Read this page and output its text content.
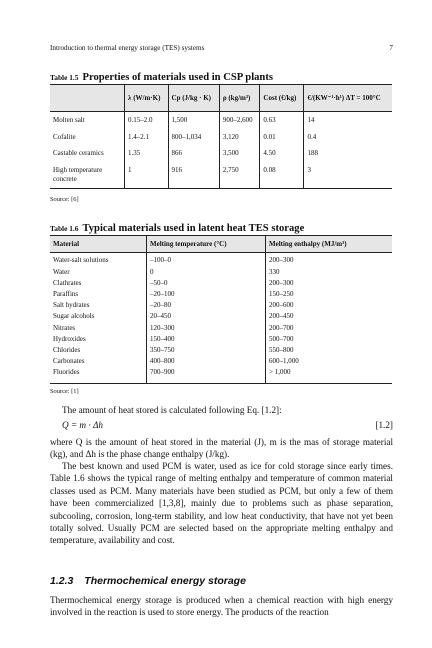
Introduction to thermal energy storage (TES) systems	7
Table 1.5 Properties of materials used in CSP plants
	λ (W/m·K)	Cp (J/kg · K)	ρ (kg/m³)	Cost (€/kg)	€/(KW⁻¹·h¹) ΔT = 100°C
Molten salt	0.15–2.0	1,500	900–2,600	0.63	14
Cofalite	1.4–2.1	800–1,034	3,120	0.01	0.4
Castable ceramics	1.35	866	3,500	4.50	188
High temperature concrete	1	916	2,750	0.08	3
Source: [6]
Table 1.6 Typical materials used in latent heat TES storage
Material	Melting temperature (°C)	Melting enthalpy (MJ/m³)
Water-salt solutions	–100–0	200–300
Water	0	330
Clathrates	–50–0	200–300
Paraffins	–20–100	150–250
Salt hydrates	–20–80	200–600
Sugar alcohols	20–450	200–450
Nitrates	120–300	200–700
Hydroxides	150–400	500–700
Chlorides	350–750	550–800
Carbonates	400–800	600–1,000
Fluorides	700–900	> 1,000
Source: [1]
The amount of heat stored is calculated following Eq. [1.2]:
Q = m · Δh	[1.2]
where Q is the amount of heat stored in the material (J), m is the mas of storage material (kg), and Δh is the phase change enthalpy (J/kg).
The best known and used PCM is water, used as ice for cold storage since early times. Table 1.6 shows the typical range of melting enthalpy and temperature of common material classes used as PCM. Many materials have been studied as PCM, but only a few of them have been commercialized [1,3,8], mainly due to problems such as phase separation, subcooling, corrosion, long-term stability, and low heat conductivity, that have not yet been totally solved. Usually PCM are selected based on the appropriate melting enthalpy and temperature, availability and cost.
1.2.3 Thermochemical energy storage
Thermochemical energy storage is produced when a chemical reaction with high energy involved in the reaction is used to store energy. The products of the reaction
